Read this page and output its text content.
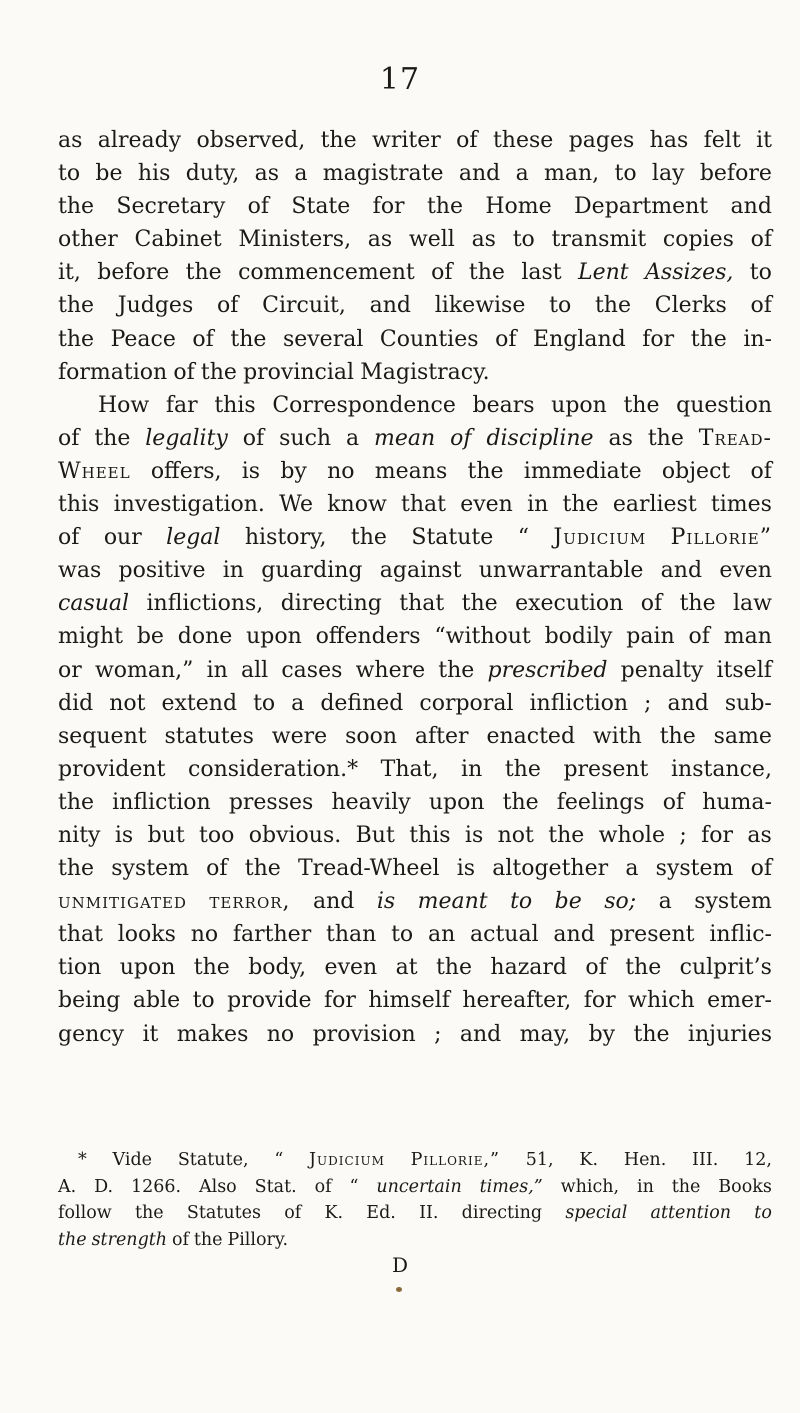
17
as already observed, the writer of these pages has felt it
to be his duty, as a magistrate and a man, to lay before
the Secretary of State for the Home Department and
other Cabinet Ministers, as well as to transmit copies of
it, before the commencement of the last Lent Assizes, to
the Judges of Circuit, and likewise to the Clerks of
the Peace of the several Counties of England for the in-
formation of the provincial Magistracy.
How far this Correspondence bears upon the question
of the legality of such a mean of discipline as the Tread-
Wheel offers, is by no means the immediate object of
this investigation. We know that even in the earliest times
of our legal history, the Statute “ Judicium Pillorie”
was positive in guarding against unwarrantable and even
casual inflictions, directing that the execution of the law
might be done upon offenders “without bodily pain of man
or woman,” in all cases where the prescribed penalty itself
did not extend to a defined corporal infliction ; and sub-
sequent statutes were soon after enacted with the same
provident consideration.* That, in the present instance,
the infliction presses heavily upon the feelings of huma-
nity is but too obvious. But this is not the whole ; for as
the system of the Tread-Wheel is altogether a system of
unmitigated terror, and is meant to be so; a system
that looks no farther than to an actual and present inflic-
tion upon the body, even at the hazard of the culprit’s
being able to provide for himself hereafter, for which emer-
gency it makes no provision ; and may, by the injuries
* Vide Statute, “ Judicium Pillorie,” 51, K. Hen. III. 12,
A. D. 1266. Also Stat. of “ uncertain times,” which, in the Books
follow the Statutes of K. Ed. II. directing special attention to
the strength of the Pillory.
D
